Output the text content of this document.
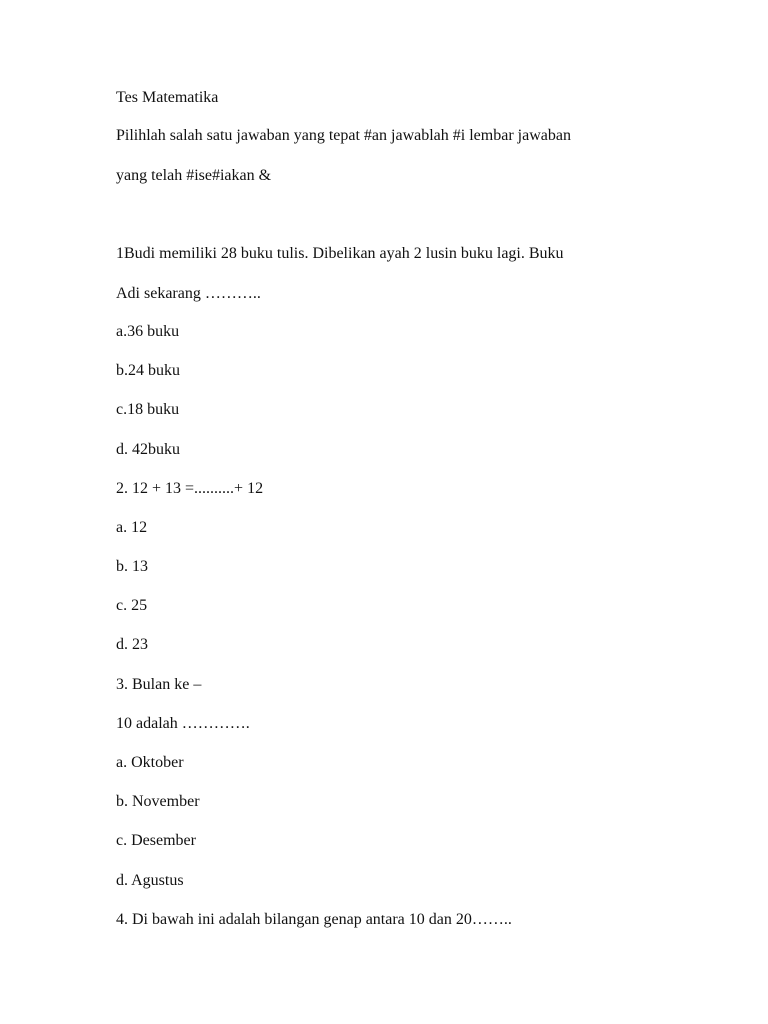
Tes Matematika
Pilihlah salah satu jawaban yang tepat #an jawablah #i lembar jawaban
yang telah #ise#iakan &
1Budi memiliki 28 buku tulis. Dibelikan ayah 2 lusin buku lagi. Buku
Adi sekarang ………..
a.36 buku
b.24 buku
c.18 buku
d. 42buku
2. 12 + 13 =..........+ 12
a. 12
b. 13
c. 25
d. 23
3. Bulan ke –
10 adalah ………….
a. Oktober
b. November
c. Desember
d. Agustus
4. Di bawah ini adalah bilangan genap antara 10 dan 20……..
